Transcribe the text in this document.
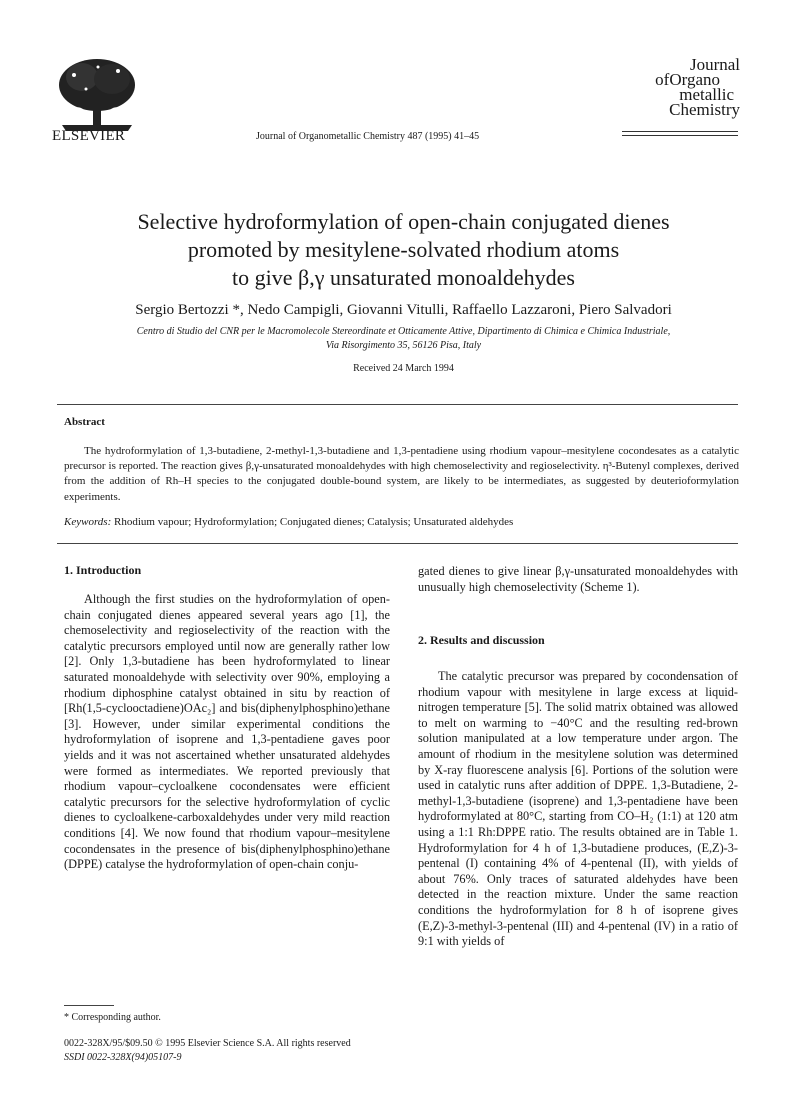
ELSEVIER	Journal of Organometallic Chemistry 487 (1995) 41–45
Journal
ofOrgano
metallic
Chemistry
Selective hydroformylation of open-chain conjugated dienes
promoted by mesitylene-solvated rhodium atoms
to give β,γ unsaturated monoaldehydes
Sergio Bertozzi *, Nedo Campigli, Giovanni Vitulli, Raffaello Lazzaroni, Piero Salvadori
Centro di Studio del CNR per le Macromolecole Stereordinate et Otticamente Attive, Dipartimento di Chimica e Chimica Industriale,
Via Risorgimento 35, 56126 Pisa, Italy
Received 24 March 1994
Abstract

The hydroformylation of 1,3-butadiene, 2-methyl-1,3-butadiene and 1,3-pentadiene using rhodium vapour–mesitylene cocondesates as a catalytic precursor is reported. The reaction gives β,γ-unsaturated monoaldehydes with high chemoselectivity and regioselectivity. η³-Butenyl complexes, derived from the addition of Rh–H species to the conjugated double-bound system, are likely to be intermediates, as suggested by deuterioformylation experiments.

Keywords: Rhodium vapour; Hydroformylation; Conjugated dienes; Catalysis; Unsaturated aldehydes
1. Introduction

Although the first studies on the hydroformylation of open-chain conjugated dienes appeared several years ago [1], the chemoselectivity and regioselectivity of the reaction with the catalytic precursors employed until now are generally rather low [2]. Only 1,3-butadiene has been hydroformylated to linear saturated monoaldehyde with selectivity over 90%, employing a rhodium diphosphine catalyst obtained in situ by reaction of [Rh(1,5-cyclooctadiene)OAc₂] and bis(diphenylphosphino)ethane [3]. However, under similar experimental conditions the hydroformylation of isoprene and 1,3-pentadiene gaves poor yields and it was not ascertained whether unsaturated aldehydes were formed as intermediates. We reported previously that rhodium vapour–cycloalkene cocondensates were efficient catalytic precursors for the selective hydroformylation of cyclic dienes to cycloalkene-carboxaldehydes under very mild reaction conditions [4]. We now found that rhodium vapour–mesitylene cocondensates in the presence of bis(diphenylphosphino)ethane (DPPE) catalyse the hydroformylation of open-chain conju-

gated dienes to give linear β,γ-unsaturated monoaldehydes with unusually high chemoselectivity (Scheme 1).

2. Results and discussion

The catalytic precursor was prepared by cocondensation of rhodium vapour with mesitylene in large excess at liquid-nitrogen temperature [5]. The solid matrix obtained was allowed to melt on warming to −40°C and the resulting red-brown solution manipulated at a low temperature under argon. The amount of rhodium in the mesitylene solution was determined by X-ray fluorescene analysis [6]. Portions of the solution were used in catalytic runs after addition of DPPE. 1,3-Butadiene, 2-methyl-1,3-butadiene (isoprene) and 1,3-pentadiene have been hydroformylated at 80°C, starting from CO–H₂ (1:1) at 120 atm using a 1:1 Rh:DPPE ratio. The results obtained are in Table 1. Hydroformylation for 4 h of 1,3-butadiene produces, (E,Z)-3-pentenal (I) containing 4% of 4-pentenal (II), with yields of about 76%. Only traces of saturated aldehydes have been detected in the reaction mixture. Under the same reaction conditions the hydroformylation for 8 h of isoprene gives (E,Z)-3-methyl-3-pentenal (III) and 4-pentenal (IV) in a ratio of 9:1 with yields of

* Corresponding author.
0022-328X/95/$09.50 © 1995 Elsevier Science S.A. All rights reserved
SSDI 0022-328X(94)05107-9
